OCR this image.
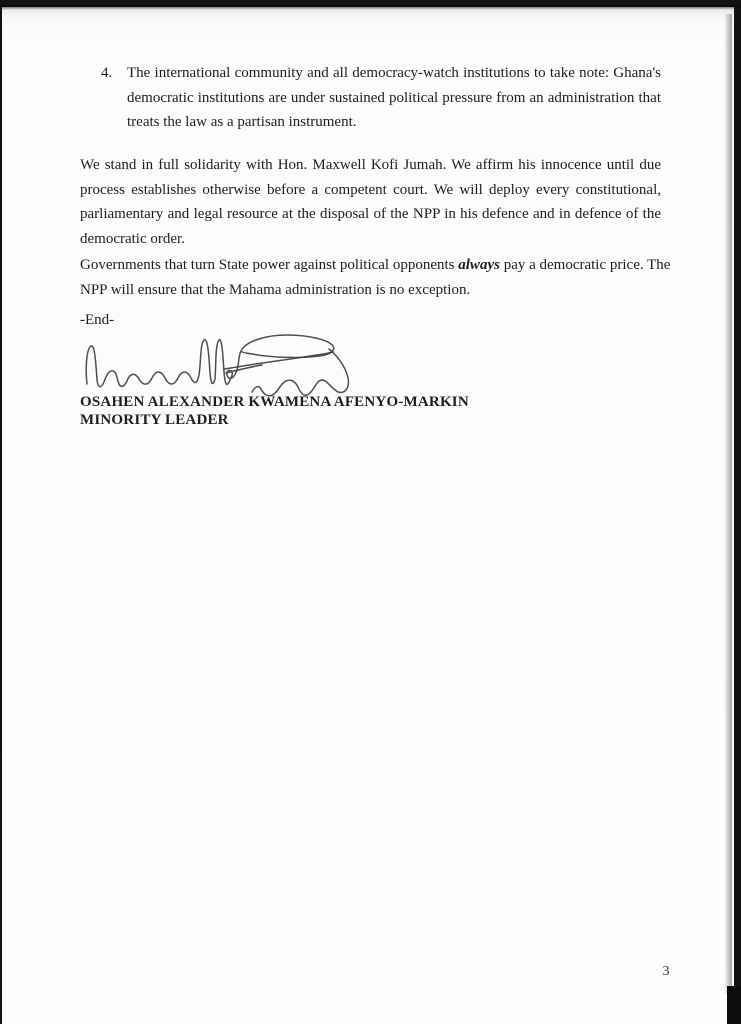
4. The international community and all democracy-watch institutions to take note: Ghana's
democratic institutions are under sustained political pressure from an administration that
treats the law as a partisan instrument.
We stand in full solidarity with Hon. Maxwell Kofi Jumah. We affirm his innocence until due
process establishes otherwise before a competent court. We will deploy every constitutional,
parliamentary and legal resource at the disposal of the NPP in his defence and in defence of the
democratic order.
Governments that turn State power against political opponents always pay a democratic price. The
NPP will ensure that the Mahama administration is no exception.
-End-
OSAHEN ALEXANDER KWAMENA AFENYO-MARKIN
MINORITY LEADER
3
